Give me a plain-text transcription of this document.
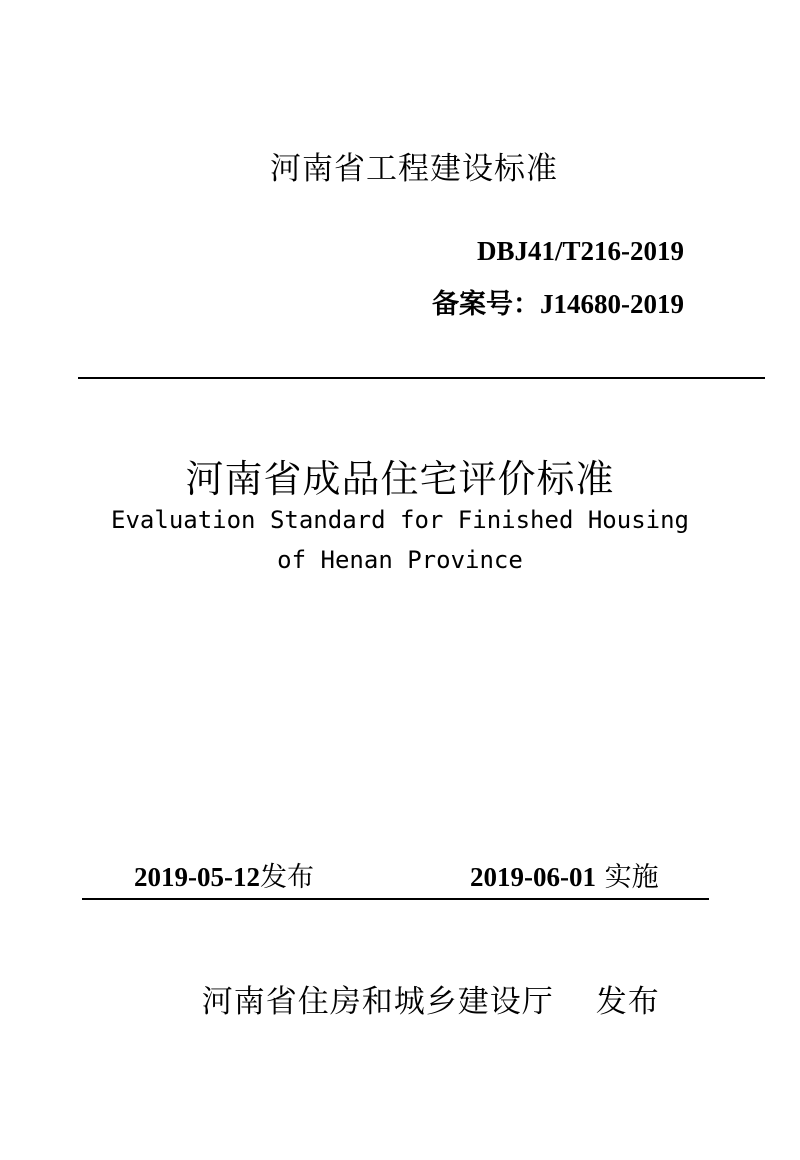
河南省工程建设标准
DBJ41/T216-2019
备案号：J14680-2019
河南省成品住宅评价标准
Evaluation Standard for Finished Housing
of Henan Province
2019-05-12发布	2019-06-01 实施

河南省住房和城乡建设厅 发布
